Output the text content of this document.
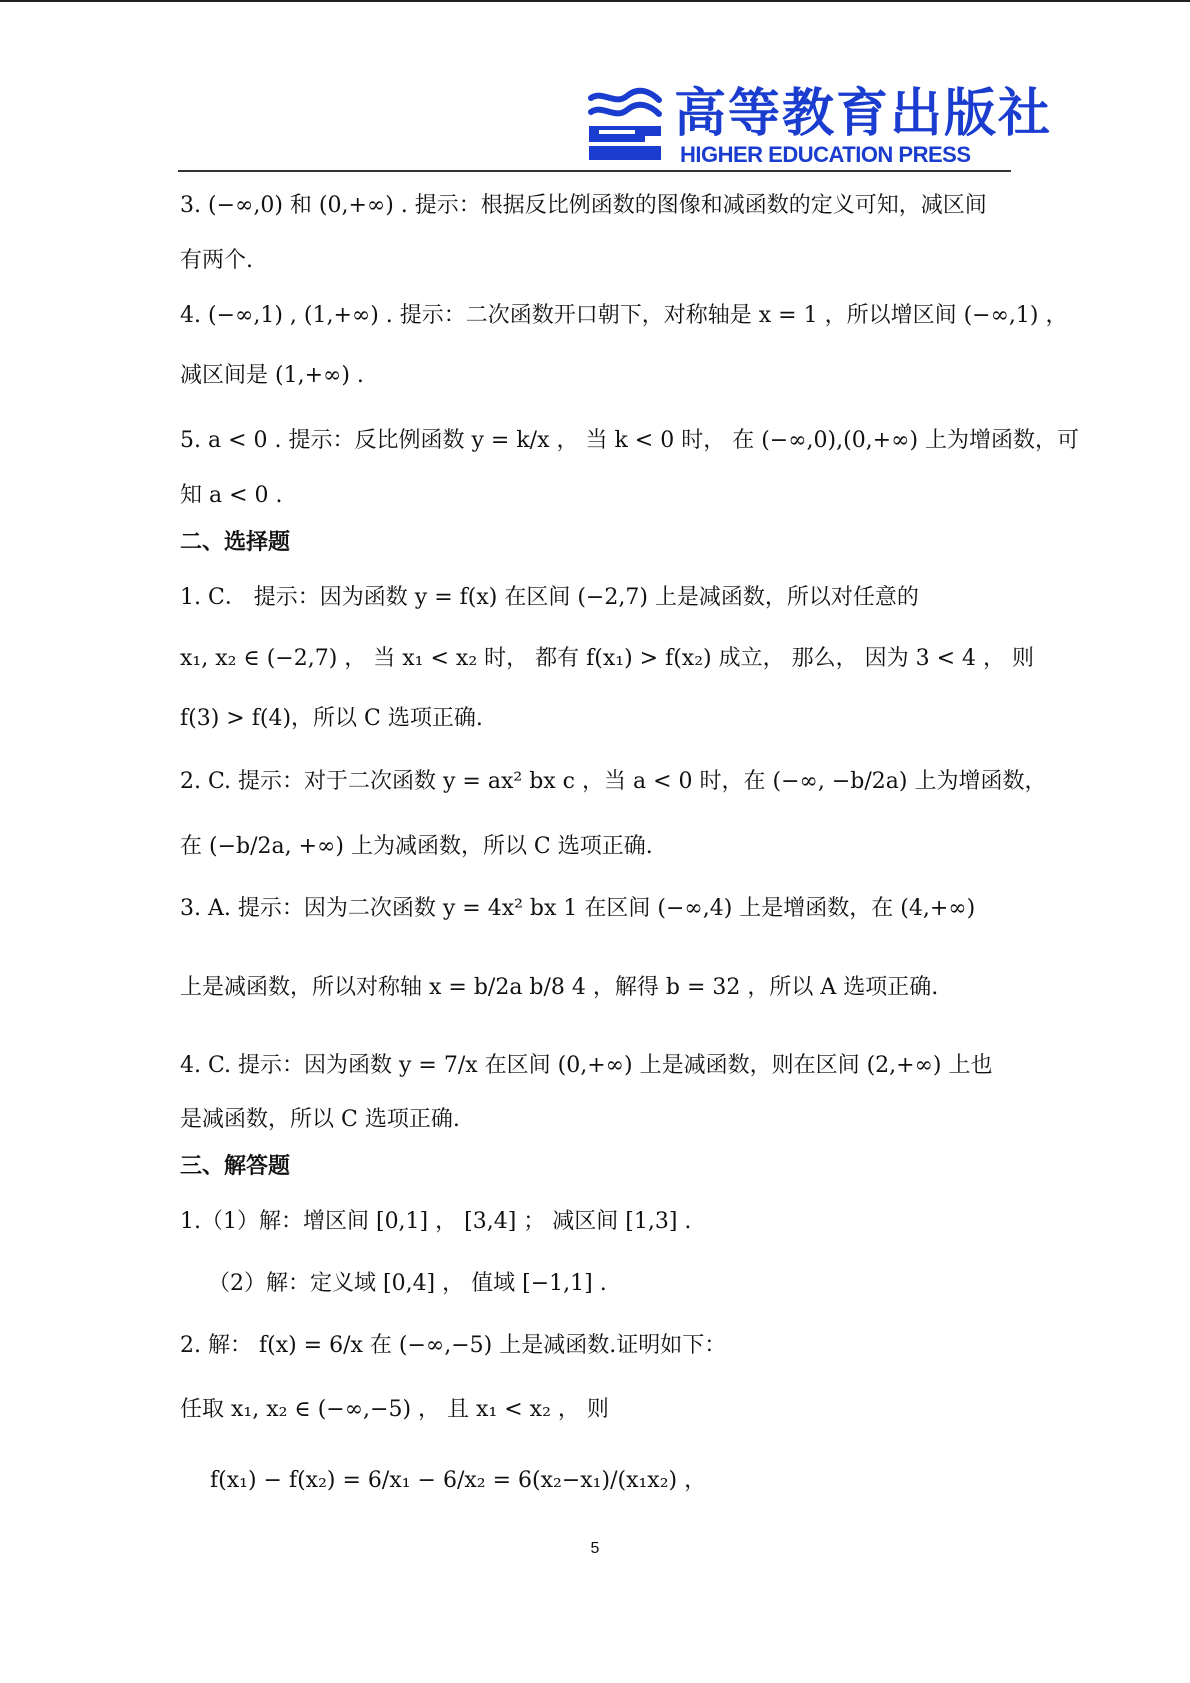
高等教育出版社
HIGHER EDUCATION PRESS
3. (−∞,0) 和 (0,+∞) . 提示：根据反比例函数的图像和减函数的定义可知，减区间
有两个.
4. (−∞,1) , (1,+∞) . 提示：二次函数开口朝下，对称轴是 x = 1 ，所以增区间 (−∞,1) ，
减区间是 (1,+∞) .
5. a < 0 . 提示：反比例函数 y = k/x ， 当 k < 0 时， 在 (−∞,0),(0,+∞) 上为增函数，可
知 a < 0 .
二、选择题
1. C． 提示：因为函数 y = f(x) 在区间 (−2,7) 上是减函数，所以对任意的
x₁, x₂ ∈ (−2,7) ， 当 x₁ < x₂ 时， 都有 f(x₁) > f(x₂) 成立， 那么， 因为 3 < 4 ， 则
f(3) > f(4)，所以 C 选项正确.
2. C. 提示：对于二次函数 y = ax² bx c ，当 a < 0 时，在 (−∞, −b/2a) 上为增函数，
在 (−b/2a, +∞) 上为减函数，所以 C 选项正确.
3. A. 提示：因为二次函数 y = 4x² bx 1 在区间 (−∞,4) 上是增函数，在 (4,+∞)
上是减函数，所以对称轴 x = b/2a b/8 4 ，解得 b = 32 ，所以 A 选项正确.
4. C. 提示：因为函数 y = 7/x 在区间 (0,+∞) 上是减函数，则在区间 (2,+∞) 上也
是减函数，所以 C 选项正确.
三、解答题
1.（1）解：增区间 [0,1] ， [3,4] ； 减区间 [1,3] .
（2）解：定义域 [0,4] ， 值域 [−1,1] .
2. 解： f(x) = 6/x 在 (−∞,−5) 上是减函数.证明如下：
任取 x₁, x₂ ∈ (−∞,−5) ， 且 x₁ < x₂ ， 则
f(x₁) − f(x₂) = 6/x₁ − 6/x₂ = 6(x₂−x₁)/(x₁x₂) ，
5
